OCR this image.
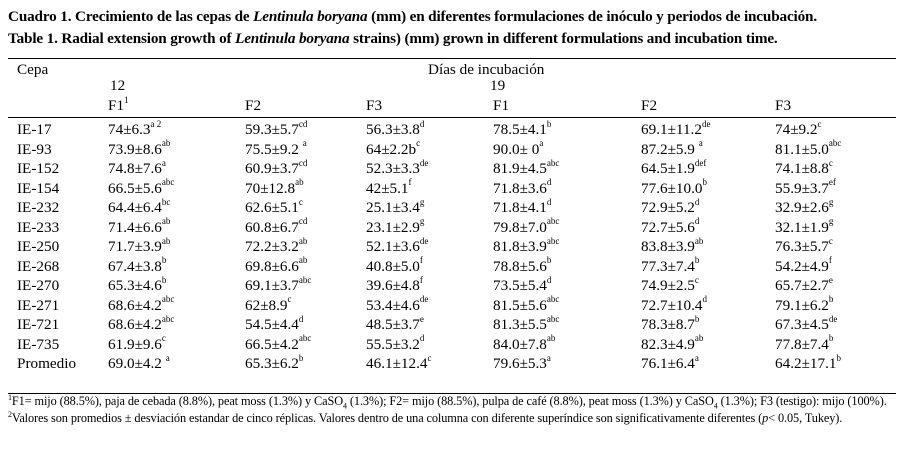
Cuadro 1. Crecimiento de las cepas de Lentinula boryana (mm) en diferentes formulaciones de inóculo y periodos de incubación.
Table 1. Radial extension growth of Lentinula boryana strains) (mm) grown in different formulations and incubation time.
Cepa	Días de incubación
12	19
$F1^1$	F2	F3	F1	F2	F3
IE-17	$74\pm 6.3^{a 2}$	59.3±5.7$^{cd}$	56.3±3.8$^d$	78.5±4.1$^b$	69.1±11.2de	74±9.2$^c$
IE-93	73.9±8.6$^{ab}$	75.5±9.2 $^a$	$64\pm 2.2b^c$	$90.0\pm 0^a$	87.2±5.9 $^a$	81.1±5.0$^{abc}$
IE-152	74.8±7.6$^a$	60.9±3.7$^{cd}$	52.3±3.3de	81.9±4.5$^{abc}$	64.5±1.9$^{def}$	74.1±8.8$^c$
IE-154	66.5±5.6$^{abc}$	70±12.8$^{ab}$	42±5.1$^f$	71.8±3.6$^d$	77.6±10.0$^b$	55.9±3.7$^{ef}$
IE-232	64.4±6.4$^{bc}$	62.6±5.1$^c$	25.1±3.4$^g$	71.8±4.1$^d$	72.9±5.2$^d$	32.9±2.6$^g$
IE-233	71.4±6.6$^{ab}$	60.8±6.7$^{cd}$	23.1±2.9$^g$	79.8±7.0$^{abc}$	72.7±5.6$^d$	32.1±1.9$^g$
IE-250	71.7±3.9$^{ab}$	72.2±3.2$^{ab}$	52.1±3.6de	81.8±3.9$^{abc}$	83.8±3.9$^{ab}$	76.3±5.7$^c$
IE-268	67.4±3.8$^b$	69.8±6.6$^{ab}$	40.8±5.0$^f$	78.8±5.6$^b$	77.3±7.4$^b$	54.2±4.9$^f$
IE-270	65.3±4.6$^b$	69.1±3.7$^{abc}$	39.6±4.8$^f$	73.5±5.4$^d$	74.9±2.5$^c$	65.7±2.7$^e$
IE-271	68.6±4.2$^{abc}$	62±8.9$^c$	53.4±4.6de	81.5±5.6$^{abc}$	72.7±10.4$^d$	79.1±6.2$^b$
IE-721	68.6±4.2$^{abc}$	54.5±4.4$^d$	48.5±3.7$^e$	81.3±5.5$^{abc}$	78.3±8.7$^b$	67.3±4.5de
IE-735	61.9±9.6$^c$	66.5±4.2$^{abc}$	55.5±3.2$^d$	84.0±7.8$^{ab}$	82.3±4.9$^{ab}$	77.8±7.4$^b$
Promedio 69.0±4.2 $^a$	65.3±6.2$^b$	46.1±12.4$^c$	79.6±5.3$^a$	76.1±6.4$^a$	64.2±17.1$^b$
$^1$F1= mijo (88.5%), paja de cebada (8.8%), peat moss (1.3%) y CaSO$_4$ (1.3%); F2= mijo (88.5%), pulpa de café (8.8%), peat moss (1.3%) y CaSO$_4$ (1.3%); F3 (testigo): mijo (100%). $^2$Valores son promedios ± desviación estandar de cinco réplicas. Valores dentro de una columna con diferente superíndice son significativamente diferentes (p< 0.05, Tukey).
